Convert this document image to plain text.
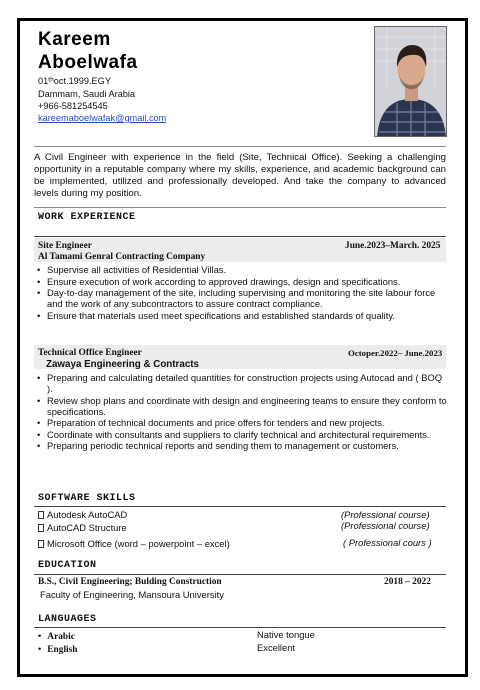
Kareem
Aboelwafa
01ᵗʰoct.1999.EGY
Dammam, Saudi Arabia
+966-581254545
kareemaboelwafak@gmail.com
A Civil Engineer with experience in the field (Site, Technical Office). Seeking a challenging opportunity in a reputable company where my skills, experience, and academic background can be implemented, utilized and professionally developed. And take the company to advanced levels during my position.
WORK EXPERIENCE
Site Engineer	June.2023–March. 2025
Al Tamami Genral Contracting Company
• Supervise all activities of Residential Villas.
• Ensure execution of work according to approved drawings, design and specifications.
• Day-to-day management of the site, including supervising and monitoring the site labour force and the work of any subcontractors to assure contract compliance.
• Ensure that materials used meet specifications and established standards of quality.
Technical Office Engineer	Octoper.2022– June.2023
Zawaya Engineering & Contracts
• Preparing and calculating detailed quantities for construction projects using Autocad and ( BOQ ).
• Review shop plans and coordinate with design and engineering teams to ensure they conform to specifications.
• Preparation of technical documents and price offers for tenders and new projects.
• Coordinate with consultants and suppliers to clarify technical and architectural requirements.
• Preparing periodic technical reports and sending them to management or customers.
SOFTWARE SKILLS
Autodesk AutoCAD	(Professional course)
AutoCAD Structure	(Professional course)
Microsoft Office (word – powerpoint – excel)	( Professional cours )
EDUCATION
B.S., Civil Engineering; Bulding Construction	2018 – 2022
Faculty of Engineering, Mansoura University
LANGUAGES
• Arabic	Native tongue
• English	Excellent
